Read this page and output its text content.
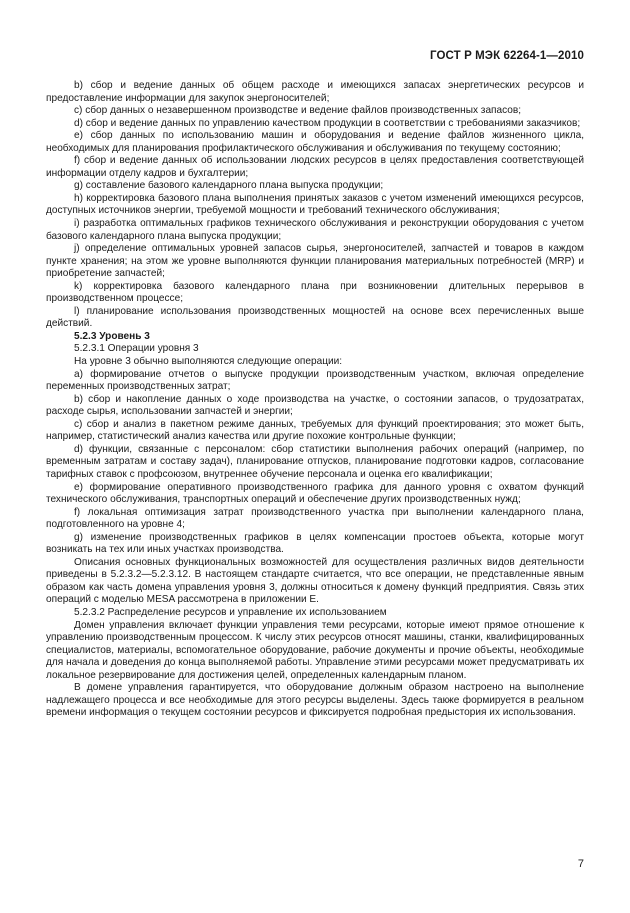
ГОСТ Р МЭК 62264-1—2010

b) сбор и ведение данных об общем расходе и имеющихся запасах энергетических ресурсов и предоставление информации для закупок энергоносителей;

c) сбор данных о незавершенном производстве и ведение файлов производственных запасов;

d) сбор и ведение данных по управлению качеством продукции в соответствии с требованиями заказчиков;

e) сбор данных по использованию машин и оборудования и ведение файлов жизненного цикла, необходимых для планирования профилактического обслуживания и обслуживания по текущему состоянию;

f) сбор и ведение данных об использовании людских ресурсов в целях предоставления соответствующей информации отделу кадров и бухгалтерии;

g) составление базового календарного плана выпуска продукции;

h) корректировка базового плана выполнения принятых заказов с учетом изменений имеющихся ресурсов, доступных источников энергии, требуемой мощности и требований технического обслуживания;

i) разработка оптимальных графиков технического обслуживания и реконструкции оборудования с учетом базового календарного плана выпуска продукции;

j) определение оптимальных уровней запасов сырья, энергоносителей, запчастей и товаров в каждом пункте хранения; на этом же уровне выполняются функции планирования материальных потребностей (MRP) и приобретение запчастей;

k) корректировка базового календарного плана при возникновении длительных перерывов в производственном процессе;

l) планирование использования производственных мощностей на основе всех перечисленных выше действий.

5.2.3 Уровень 3

5.2.3.1 Операции уровня 3

На уровне 3 обычно выполняются следующие операции:

a) формирование отчетов о выпуске продукции производственным участком, включая определение переменных производственных затрат;

b) сбор и накопление данных о ходе производства на участке, о состоянии запасов, о трудозатратах, расходе сырья, использовании запчастей и энергии;

c) сбор и анализ в пакетном режиме данных, требуемых для функций проектирования; это может быть, например, статистический анализ качества или другие похожие контрольные функции;

d) функции, связанные с персоналом: сбор статистики выполнения рабочих операций (например, по временным затратам и составу задач), планирование отпусков, планирование подготовки кадров, согласование тарифных ставок с профсоюзом, внутреннее обучение персонала и оценка его квалификации;

e) формирование оперативного производственного графика для данного уровня с охватом функций технического обслуживания, транспортных операций и обеспечение других производственных нужд;

f) локальная оптимизация затрат производственного участка при выполнении календарного плана, подготовленного на уровне 4;

g) изменение производственных графиков в целях компенсации простоев объекта, которые могут возникать на тех или иных участках производства.

Описания основных функциональных возможностей для осуществления различных видов деятельности приведены в 5.2.3.2—5.2.3.12. В настоящем стандарте считается, что все операции, не представленные явным образом как часть домена управления уровня 3, должны относиться к домену функций предприятия. Связь этих операций с моделью MESA рассмотрена в приложении Е.

5.2.3.2 Распределение ресурсов и управление их использованием

Домен управления включает функции управления теми ресурсами, которые имеют прямое отношение к управлению производственным процессом. К числу этих ресурсов относят машины, станки, квалифицированных специалистов, материалы, вспомогательное оборудование, рабочие документы и прочие объекты, необходимые для начала и доведения до конца выполняемой работы. Управление этими ресурсами может предусматривать их локальное резервирование для достижения целей, определенных календарным планом.

В домене управления гарантируется, что оборудование должным образом настроено на выполнение надлежащего процесса и все необходимые для этого ресурсы выделены. Здесь также формируется в реальном времени информация о текущем состоянии ресурсов и фиксируется подробная предыстория их использования.

7
